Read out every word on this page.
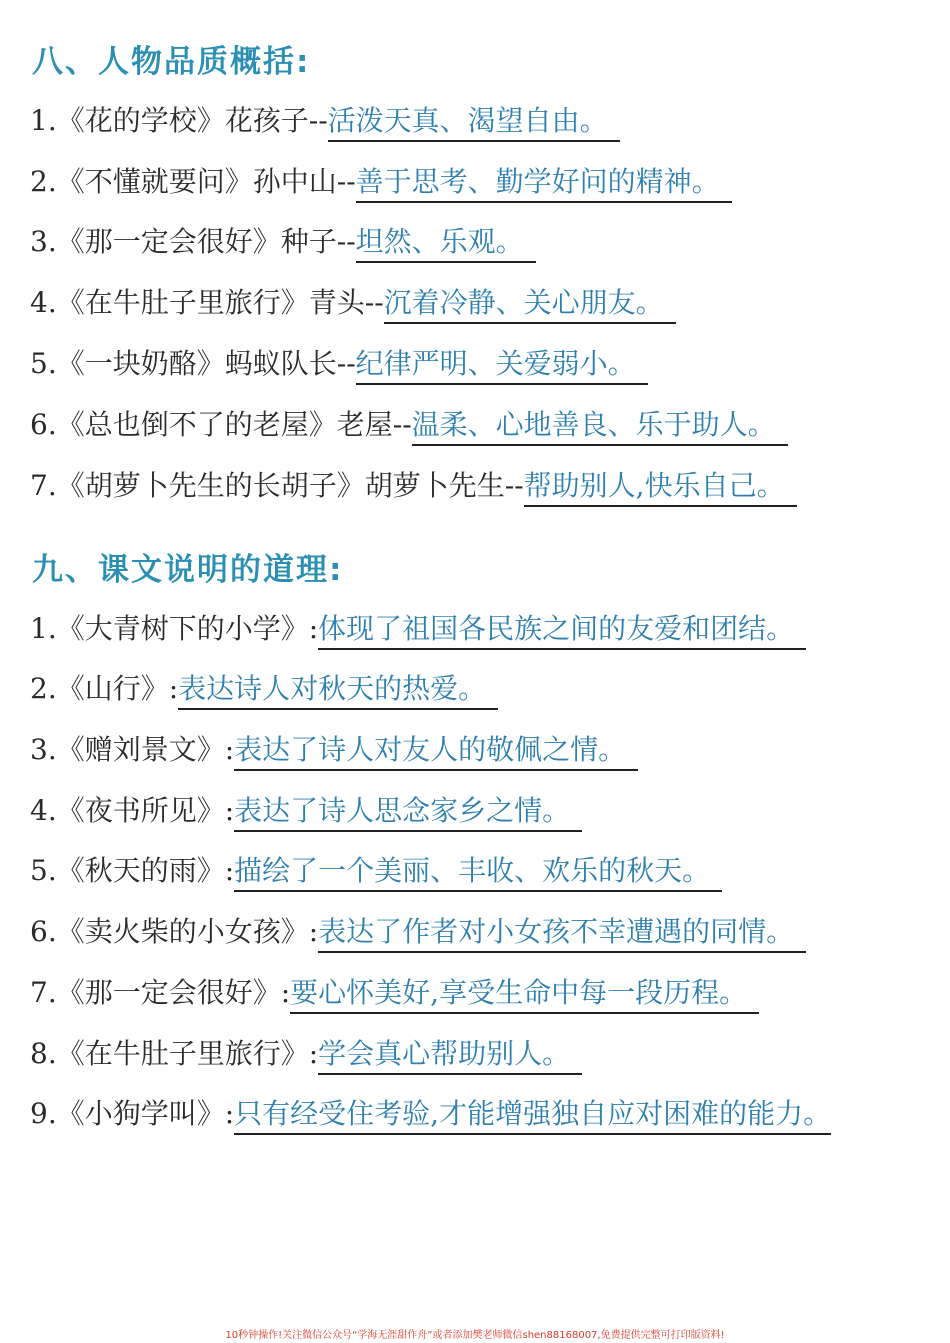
八、人物品质概括:
1.《花的学校》花孩子--活泼天真、渴望自由。
2.《不懂就要问》孙中山--善于思考、勤学好问的精神。
3.《那一定会很好》种子--坦然、乐观。
4.《在牛肚子里旅行》青头--沉着冷静、关心朋友。
5.《一块奶酪》蚂蚁队长--纪律严明、关爱弱小。
6.《总也倒不了的老屋》老屋--温柔、心地善良、乐于助人。
7.《胡萝卜先生的长胡子》胡萝卜先生--帮助别人,快乐自己。
九、课文说明的道理:
1.《大青树下的小学》:体现了祖国各民族之间的友爱和团结。
2.《山行》:表达诗人对秋天的热爱。
3.《赠刘景文》:表达了诗人对友人的敬佩之情。
4.《夜书所见》:表达了诗人思念家乡之情。
5.《秋天的雨》:描绘了一个美丽、丰收、欢乐的秋天。
6.《卖火柴的小女孩》:表达了作者对小女孩不幸遭遇的同情。
7.《那一定会很好》:要心怀美好,享受生命中每一段历程。
8.《在牛肚子里旅行》:学会真心帮助别人。
9.《小狗学叫》:只有经受住考验,才能增强独自应对困难的能力。
10秒钟操作!关注微信公众号“学海无涯甜作舟”或者添加樊老师微信shen88168007,免费提供完整可打印版资料!
